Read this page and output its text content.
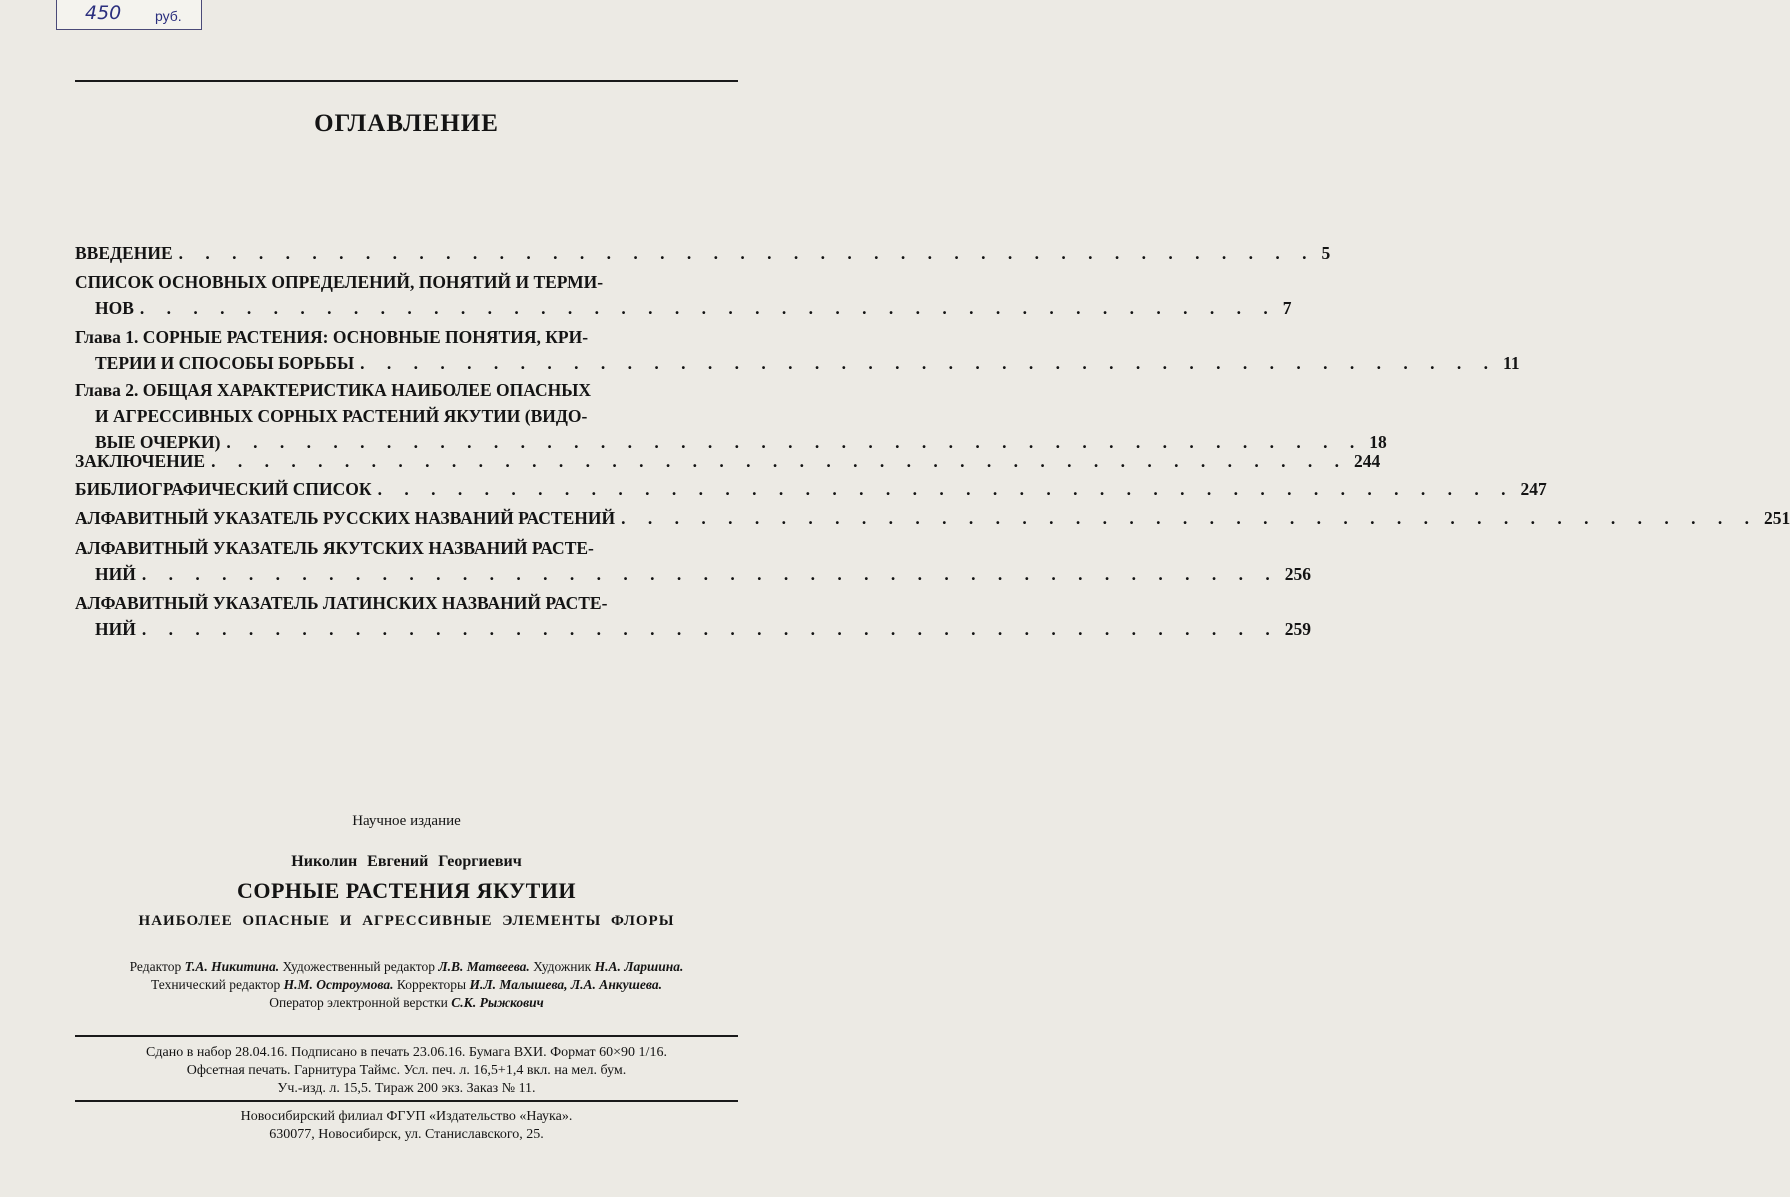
450 руб.
ОГЛАВЛЕНИЕ
ВВЕДЕНИЕ . . . . . . . . . . . . . . . . . . . . . . . . . . . . . . . . . . . . . . . . . . . 5
СПИСОК ОСНОВНЫХ ОПРЕДЕЛЕНИЙ, ПОНЯТИЙ И ТЕРМИ-
НОВ . . . . . . . . . . . . . . . . . . . . . . . . . . . . . . . . . . . . . . . . . . . 7
Глава 1. СОРНЫЕ РАСТЕНИЯ: ОСНОВНЫЕ ПОНЯТИЯ, КРИ-
ТЕРИИ И СПОСОБЫ БОРЬБЫ . . . . . . . . . . . . . . . . . . . . . . . . . . . . . . . . . . . . . . . . . . . 11
Глава 2. ОБЩАЯ ХАРАКТЕРИСТИКА НАИБОЛЕЕ ОПАСНЫХ
И АГРЕССИВНЫХ СОРНЫХ РАСТЕНИЙ ЯКУТИИ (ВИДО-
ВЫЕ ОЧЕРКИ) . . . . . . . . . . . . . . . . . . . . . . . . . . . . . . . . . . . . . . . . . . . 18
ЗАКЛЮЧЕНИЕ . . . . . . . . . . . . . . . . . . . . . . . . . . . . . . . . . . . . . . . . . . . 244
БИБЛИОГРАФИЧЕСКИЙ СПИСОК . . . . . . . . . . . . . . . . . . . . . . . . . . . . . . . . . . . . . . . . . . . 247
АЛФАВИТНЫЙ УКАЗАТЕЛЬ РУССКИХ НАЗВАНИЙ РАСТЕНИЙ . . . . . . . . . . . . . . . . . . . . . . . . . . . . . . . . . . . . . . . . . . . 251
АЛФАВИТНЫЙ УКАЗАТЕЛЬ ЯКУТСКИХ НАЗВАНИЙ РАСТЕ-
НИЙ . . . . . . . . . . . . . . . . . . . . . . . . . . . . . . . . . . . . . . . . . . . 256
АЛФАВИТНЫЙ УКАЗАТЕЛЬ ЛАТИНСКИХ НАЗВАНИЙ РАСТЕ-
НИЙ . . . . . . . . . . . . . . . . . . . . . . . . . . . . . . . . . . . . . . . . . . . 259
Научное издание
Николин Евгений Георгиевич
СОРНЫЕ РАСТЕНИЯ ЯКУТИИ
НАИБОЛЕЕ ОПАСНЫЕ И АГРЕССИВНЫЕ ЭЛЕМЕНТЫ ФЛОРЫ
Редактор Т.А. Никитина. Художественный редактор Л.В. Матвеева. Художник Н.А. Ларшина.
Технический редактор Н.М. Остроумова. Корректоры И.Л. Малышева, Л.А. Анкушева.
Оператор электронной верстки С.К. Рыжкович
Сдано в набор 28.04.16. Подписано в печать 23.06.16. Бумага ВХИ. Формат 60×90 1/16.
Офсетная печать. Гарнитура Таймс. Усл. печ. л. 16,5+1,4 вкл. на мел. бум.
Уч.-изд. л. 15,5. Тираж 200 экз. Заказ № 11.
Новосибирский филиал ФГУП «Издательство «Наука».
630077, Новосибирск, ул. Станиславского, 25.
